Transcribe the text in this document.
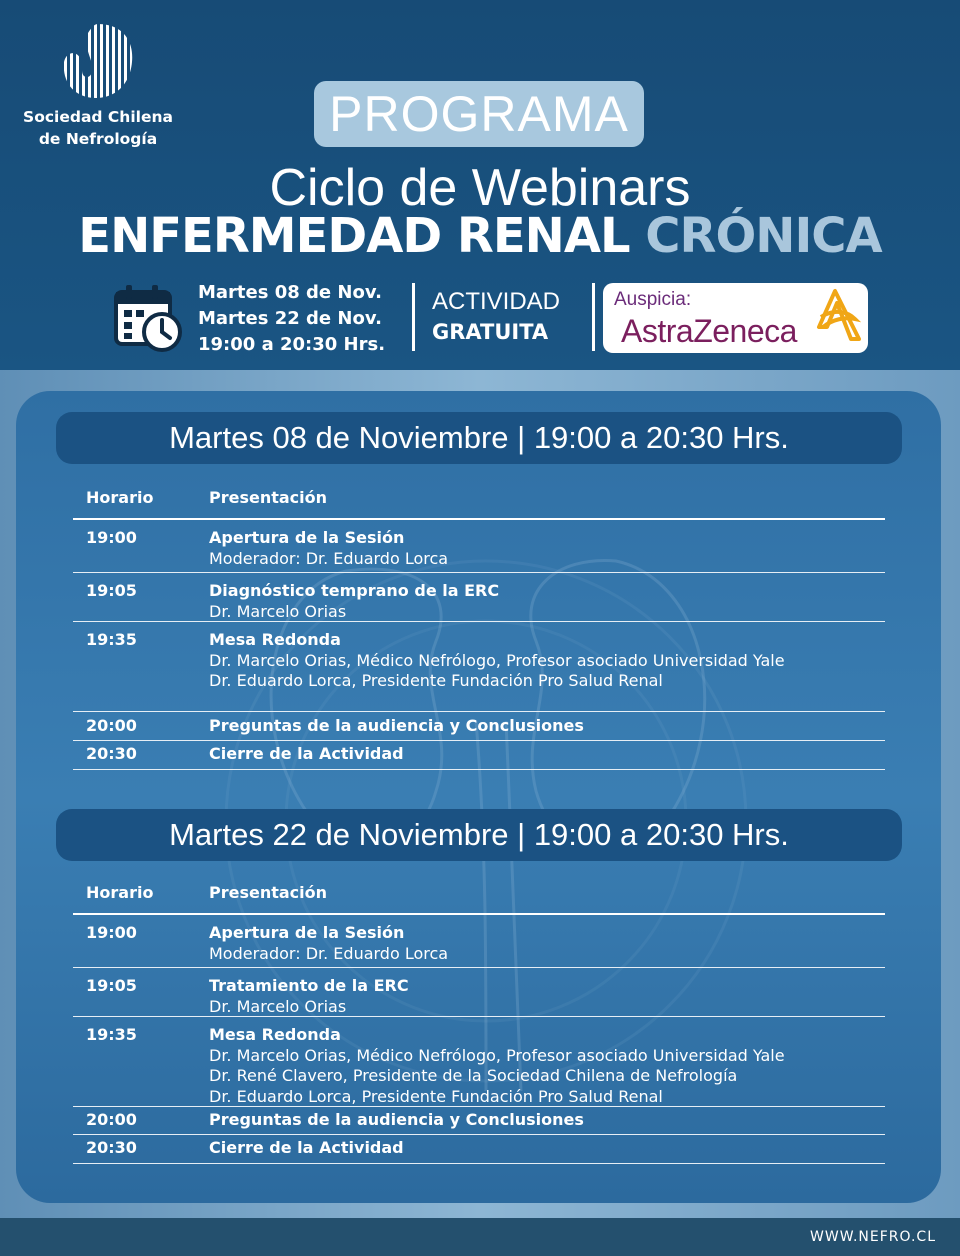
Sociedad Chilena
de Nefrología	PROGRAMA
Ciclo de Webinars
ENFERMEDAD RENAL CRÓNICA
Martes 08 de Nov.
Martes 22 de Nov.
19:00 a 20:30 Hrs.
ACTIVIDAD
GRATUITA
Auspicia:
AstraZeneca
Martes 08 de Noviembre | 19:00 a 20:30 Hrs.
Horario	Presentación
19:00	Apertura de la Sesión
Moderador: Dr. Eduardo Lorca
19:05	Diagnóstico temprano de la ERC
Dr. Marcelo Orias
19:35	Mesa Redonda
Dr. Marcelo Orias, Médico Nefrólogo, Profesor asociado Universidad Yale
Dr. Eduardo Lorca, Presidente Fundación Pro Salud Renal
20:00	Preguntas de la audiencia y Conclusiones
20:30	Cierre de la Actividad
Martes 22 de Noviembre | 19:00 a 20:30 Hrs.
Horario	Presentación
19:00	Apertura de la Sesión
Moderador: Dr. Eduardo Lorca
19:05	Tratamiento de la ERC
Dr. Marcelo Orias
19:35	Mesa Redonda
Dr. Marcelo Orias, Médico Nefrólogo, Profesor asociado Universidad Yale
Dr. René Clavero, Presidente de la Sociedad Chilena de Nefrología
Dr. Eduardo Lorca, Presidente Fundación Pro Salud Renal
20:00	Preguntas de la audiencia y Conclusiones
20:30	Cierre de la Actividad
WWW.NEFRO.CL
